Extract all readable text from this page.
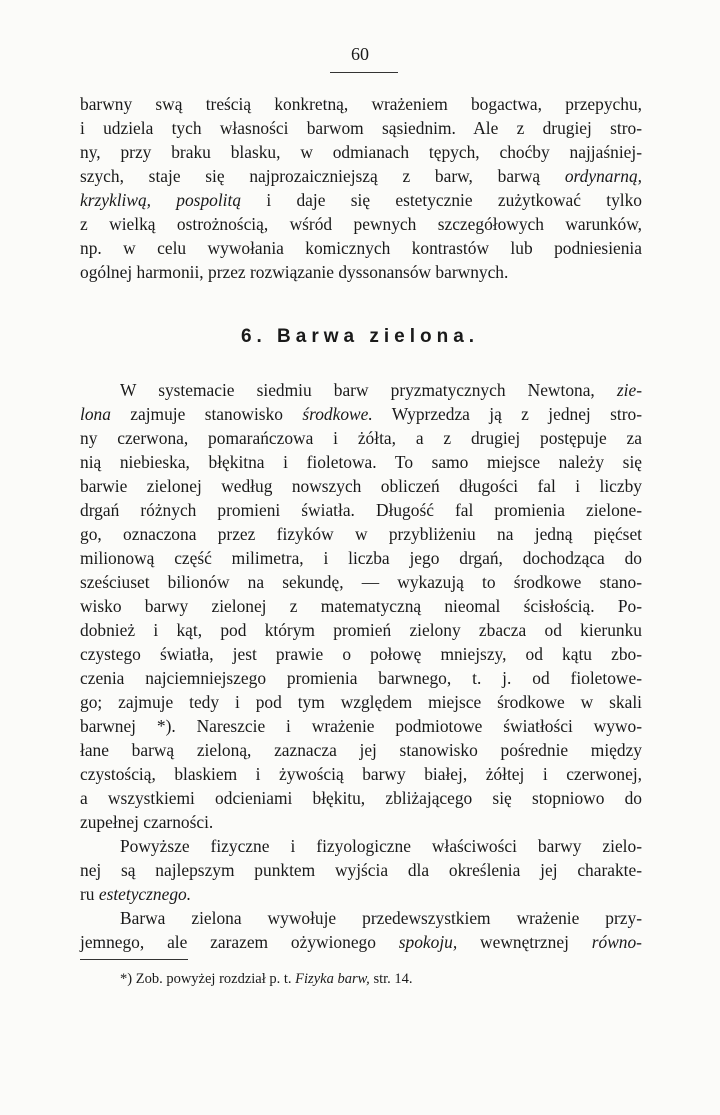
60
barwny swą treścią konkretną, wrażeniem bogactwa, przepychu,
i udziela tych własności barwom sąsiednim. Ale z drugiej stro-
ny, przy braku blasku, w odmianach tępych, choćby najjaśniej-
szych, staje się najprozaiczniejszą z barw, barwą ordynarną,
krzykliwą, pospolitą i daje się estetycznie zużytkować tylko
z wielką ostrożnością, wśród pewnych szczegółowych warunków,
np. w celu wywołania komicznych kontrastów lub podniesienia
ogólnej harmonii, przez rozwiązanie dyssonansów barwnych.
6. Barwa zielona.
W systemacie siedmiu barw pryzmatycznych Newtona, zie-
lona zajmuje stanowisko środkowe. Wyprzedza ją z jednej stro-
ny czerwona, pomarańczowa i żółta, a z drugiej postępuje za
nią niebieska, błękitna i fioletowa. To samo miejsce należy się
barwie zielonej według nowszych obliczeń długości fal i liczby
drgań różnych promieni światła. Długość fal promienia zielone-
go, oznaczona przez fizyków w przybliżeniu na jedną pięćset
milionową część milimetra, i liczba jego drgań, dochodząca do
sześciuset bilionów na sekundę, — wykazują to środkowe stano-
wisko barwy zielonej z matematyczną nieomal ścisłością. Po-
dobnież i kąt, pod którym promień zielony zbacza od kierunku
czystego światła, jest prawie o połowę mniejszy, od kątu zbo-
czenia najciemniejszego promienia barwnego, t. j. od fioletowe-
go; zajmuje tedy i pod tym względem miejsce środkowe w skali
barwnej *). Nareszcie i wrażenie podmiotowe światłości wywo-
łane barwą zieloną, zaznacza jej stanowisko pośrednie między
czystością, blaskiem i żywością barwy białej, żółtej i czerwonej,
a wszystkiemi odcieniami błękitu, zbliżającego się stopniowo do
zupełnej czarności.
Powyższe fizyczne i fizyologiczne właściwości barwy zielo-
nej są najlepszym punktem wyjścia dla określenia jej charakte-
ru estetycznego.
Barwa zielona wywołuje przedewszystkiem wrażenie przy-
jemnego, ale zarazem ożywionego spokoju, wewnętrznej równo-
*) Zob. powyżej rozdział p. t. Fizyka barw, str. 14.
